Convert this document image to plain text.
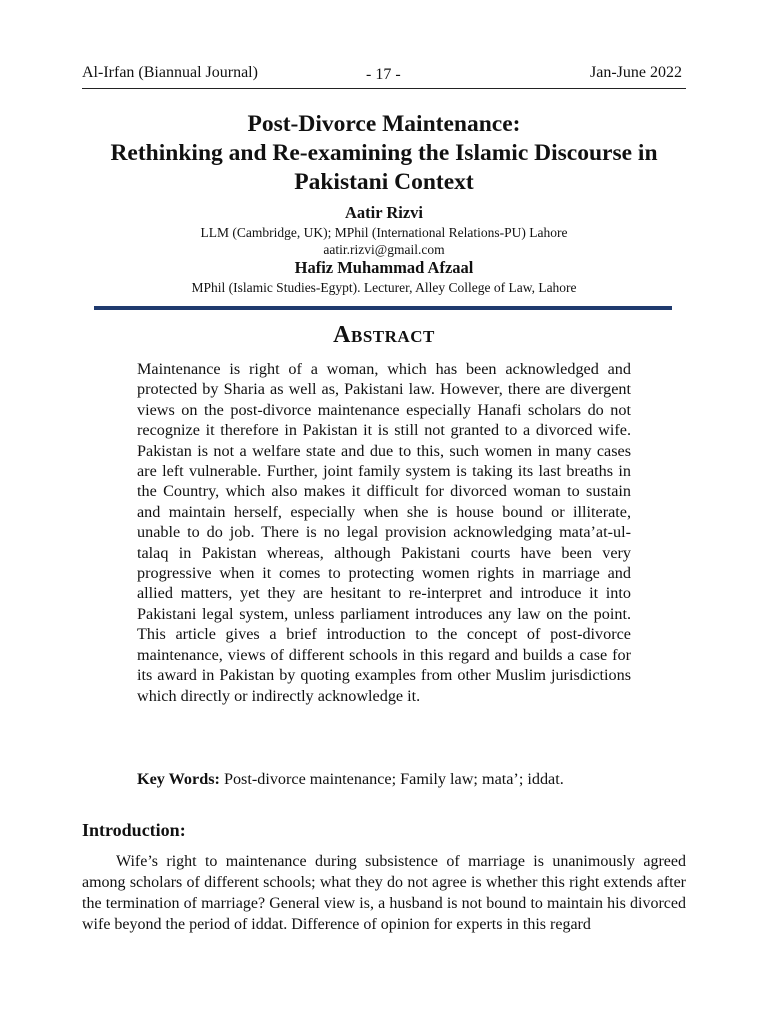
Al-Irfan (Biannual Journal)	- 17 -	Jan-June 2022
Post-Divorce Maintenance:
Rethinking and Re-examining the Islamic Discourse in
Pakistani Context
Aatir Rizvi
LLM (Cambridge, UK); MPhil (International Relations-PU) Lahore
aatir.rizvi@gmail.com
Hafiz Muhammad Afzaal
MPhil (Islamic Studies-Egypt). Lecturer, Alley College of Law, Lahore
Abstract
Maintenance is right of a woman, which has been acknowledged and protected by Sharia as well as, Pakistani law. However, there are divergent views on the post-divorce maintenance especially Hanafi scholars do not recognize it therefore in Pakistan it is still not granted to a divorced wife. Pakistan is not a welfare state and due to this, such women in many cases are left vulnerable. Further, joint family system is taking its last breaths in the Country, which also makes it difficult for divorced woman to sustain and maintain herself, especially when she is house bound or illiterate, unable to do job. There is no legal provision acknowledging mata’at-ul-talaq in Pakistan whereas, although Pakistani courts have been very progressive when it comes to protecting women rights in marriage and allied matters, yet they are hesitant to re-interpret and introduce it into Pakistani legal system, unless parliament introduces any law on the point. This article gives a brief introduction to the concept of post-divorce maintenance, views of different schools in this regard and builds a case for its award in Pakistan by quoting examples from other Muslim jurisdictions which directly or indirectly acknowledge it.
Key Words: Post-divorce maintenance; Family law; mata’; iddat.
Introduction:
Wife’s right to maintenance during subsistence of marriage is unanimously agreed among scholars of different schools; what they do not agree is whether this right extends after the termination of marriage? General view is, a husband is not bound to maintain his divorced wife beyond the period of iddat. Difference of opinion for experts in this regard
